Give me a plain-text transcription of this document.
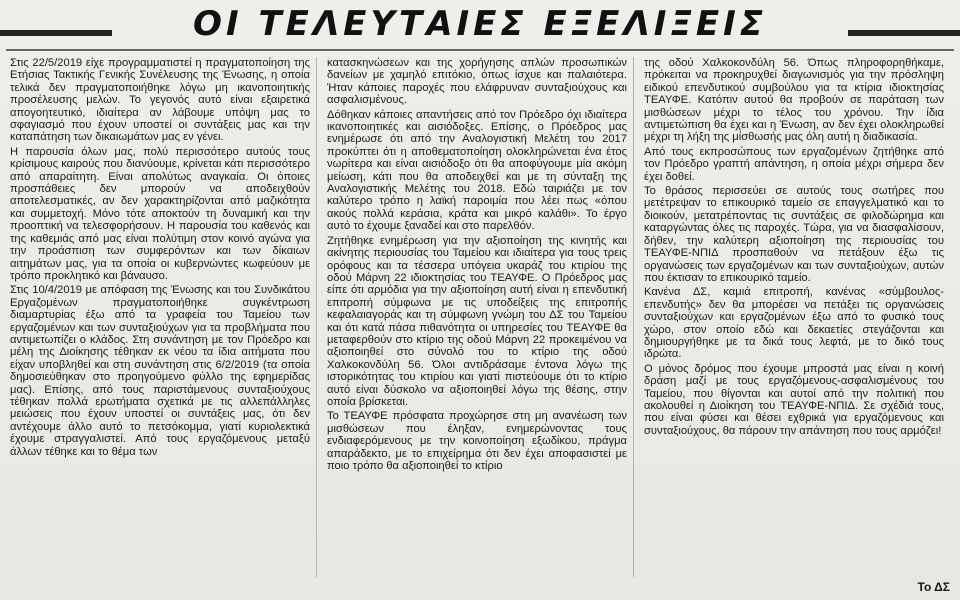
ΟΙ ΤΕΛΕΥΤΑΙΕΣ ΕΞΕΛΙΞΕΙΣ

Στις 22/5/2019 είχε προγραμματιστεί η πραγματοποίηση της Ετήσιας Τακτικής Γενικής Συνέλευσης της Ένωσης, η οποία τελικά δεν πραγματοποιήθηκε λόγω μη ικανοποιητικής προσέλευσης μελών. Το γεγονός αυτό είναι εξαιρετικά απογοητευτικό, ιδιαίτερα αν λάβουμε υπόψη μας το σφαγιασμό που έχουν υποστεί οι συντάξεις μας και την καταπάτηση των δικαιωμάτων μας εν γένει.

Η παρουσία όλων μας, πολύ περισσότερο αυτούς τους κρίσιμους καιρούς που διανύουμε, κρίνεται κάτι περισσότερο από απαραίτητη. Είναι απολύτως αναγκαία. Οι όποιες προσπάθειες δεν μπορούν να αποδειχθούν αποτελεσματικές, αν δεν χαρακτηρίζονται από μαζικότητα και συμμετοχή. Μόνο τότε αποκτούν τη δυναμική και την προοπτική να τελεσφορήσουν. Η παρουσία του καθενός και της καθεμιάς από μας είναι πολύτιμη στον κοινό αγώνα για την προάσπιση των συμφερόντων και των δίκαιων αιτημάτων μας, για τα οποία οι κυβερνώντες κωφεύουν με τρόπο προκλητικό και βάναυσο.

Στις 10/4/2019 με απόφαση της Ένωσης και του Συνδικάτου Εργαζομένων πραγματοποιήθηκε συγκέντρωση διαμαρτυρίας έξω από τα γραφεία του Ταμείου των εργαζομένων και των συνταξιούχων για τα προβλήματα που αντιμετωπίζει ο κλάδος. Στη συνάντηση με τον Πρόεδρο και μέλη της Διοίκησης τέθηκαν εκ νέου τα ίδια αιτήματα που είχαν υποβληθεί και στη συνάντηση στις 6/2/2019 (τα οποία δημοσιεύθηκαν στο προηγούμενο φύλλο της εφημερίδας μας). Επίσης, από τους παριστάμενους συνταξιούχους τέθηκαν πολλά ερωτήματα σχετικά με τις αλλεπάλληλες μειώσεις που έχουν υποστεί οι συντάξεις μας, ότι δεν αντέχουμε άλλο αυτό το πετσόκομμα, γιατί κυριολεκτικά έχουμε στραγγαλιστεί. Από τους εργαζόμενους μεταξύ άλλων τέθηκε και το θέμα των

κατασκηνώσεων και της χορήγησης απλών προσωπικών δανείων με χαμηλό επιτόκιο, όπως ίσχυε και παλαιότερα. Ήταν κάποιες παροχές που ελάφρυναν συνταξιούχους και ασφαλισμένους.

Δόθηκαν κάποιες απαντήσεις από τον Πρόεδρο όχι ιδιαίτερα ικανοποιητικές και αισιόδοξες. Επίσης, ο Πρόεδρος μας ενημέρωσε ότι από την Αναλογιστική Μελέτη του 2017 προκύπτει ότι η αποθεματοποίηση ολοκληρώνεται ένα έτος νωρίτερα και είναι αισιόδοξο ότι θα αποφύγουμε μία ακόμη μείωση, κάτι που θα αποδειχθεί και με τη σύνταξη της Αναλογιστικής Μελέτης του 2018. Εδώ ταιριάζει με τον καλύτερο τρόπο η λαϊκή παροιμία που λέει πως «όπου ακούς πολλά κεράσια, κράτα και μικρό καλάθι». Το έργο αυτό το έχουμε ξαναδεί και στο παρελθόν.

Ζητήθηκε ενημέρωση για την αξιοποίηση της κινητής και ακίνητης περιουσίας του Ταμείου και ιδιαίτερα για τους τρεις ορόφους και τα τέσσερα υπόγεια υκαράζ του κτιρίου της οδού Μάρνη 22 ιδιοκτησίας του ΤΕΑΥΦΕ. Ο Πρόεδρος μας είπε ότι αρμόδια για την αξιοποίηση αυτή είναι η επενδυτική επιτροπή σύμφωνα με τις υποδείξεις της επιτροπής κεφαλαιαγοράς και τη σύμφωνη γνώμη του ΔΣ του Ταμείου και ότι κατά πάσα πιθανότητα οι υπηρεσίες του ΤΕΑΥΦΕ θα μεταφερθούν στο κτίριο της οδού Μάρνη 22 προκειμένου να αξιοποιηθεί στο σύνολό του το κτίριο της οδού Χαλκοκονδύλη 56. Όλοι αντιδράσαμε έντονα λόγω της ιστορικότητας του κτιρίου και γιατί πιστεύουμε ότι το κτίριο αυτό είναι δύσκολο να αξιοποιηθεί λόγω της θέσης, στην οποία βρίσκεται.

Το ΤΕΑΥΦΕ πρόσφατα προχώρησε στη μη ανανέωση των μισθώσεων που έληξαν, ενημερώνοντας τους ενδιαφερόμενους με την κοινοποίηση εξωδίκου, πράγμα απαράδεκτο, με το επιχείρημα ότι δεν έχει αποφασιστεί με ποιο τρόπο θα αξιοποιηθεί το κτίριο

της οδού Χαλκοκονδύλη 56. Όπως πληροφορηθήκαμε, πρόκειται να προκηρυχθεί διαγωνισμός για την πρόσληψη ειδικού επενδυτικού συμβούλου για τα κτίρια ιδιοκτησίας ΤΕΑΥΦΕ. Κατόπιν αυτού θα προβούν σε παράταση των μισθώσεων μέχρι το τέλος του χρόνου. Την ίδια αντιμετώπιση θα έχει και η Ένωση, αν δεν έχει ολοκληρωθεί μέχρι τη λήξη της μίσθωσής μας όλη αυτή η διαδικασία.

Από τους εκπροσώπους των εργαζομένων ζητήθηκε από τον Πρόεδρο γραπτή απάντηση, η οποία μέχρι σήμερα δεν έχει δοθεί.

Το θράσος περισσεύει σε αυτούς τους σωτήρες που μετέτρεψαν το επικουρικό ταμείο σε επαγγελματικό και το διοικούν, μετατρέποντας τις συντάξεις σε φιλοδώρημα και καταργώντας όλες τις παροχές. Τώρα, για να διασφαλίσουν, δήθεν, την καλύτερη αξιοποίηση της περιουσίας του ΤΕΑΥΦΕ-ΝΠΙΔ προσπαθούν να πετάξουν έξω τις οργανώσεις των εργαζομένων και των συνταξιούχων, αυτών που έκτισαν το επικουρικό ταμείο.

Κανένα ΔΣ, καμιά επιτροπή, κανένας «σύμβουλος-επενδυτής» δεν θα μπορέσει να πετάξει τις οργανώσεις συνταξιούχων και εργαζομένων έξω από το φυσικό τους χώρο, στον οποίο εδώ και δεκαετίες στεγάζονται και δημιουργήθηκε με τα δικά τους λεφτά, με το δικό τους ιδρώτα.

Ο μόνος δρόμος που έχουμε μπροστά μας είναι η κοινή δράση μαζί με τους εργαζόμενους-ασφαλισμένους του Ταμείου, που θίγονται και αυτοί από την πολιτική που ακολουθεί η Διοίκηση του ΤΕΑΥΦΕ-ΝΠΙΔ. Σε σχέδιά τους, που είναι φύσει και θέσει εχθρικά για εργαζόμενους και συνταξιούχους, θα πάρουν την απάντηση που τους αρμόζει!

Το ΔΣ
